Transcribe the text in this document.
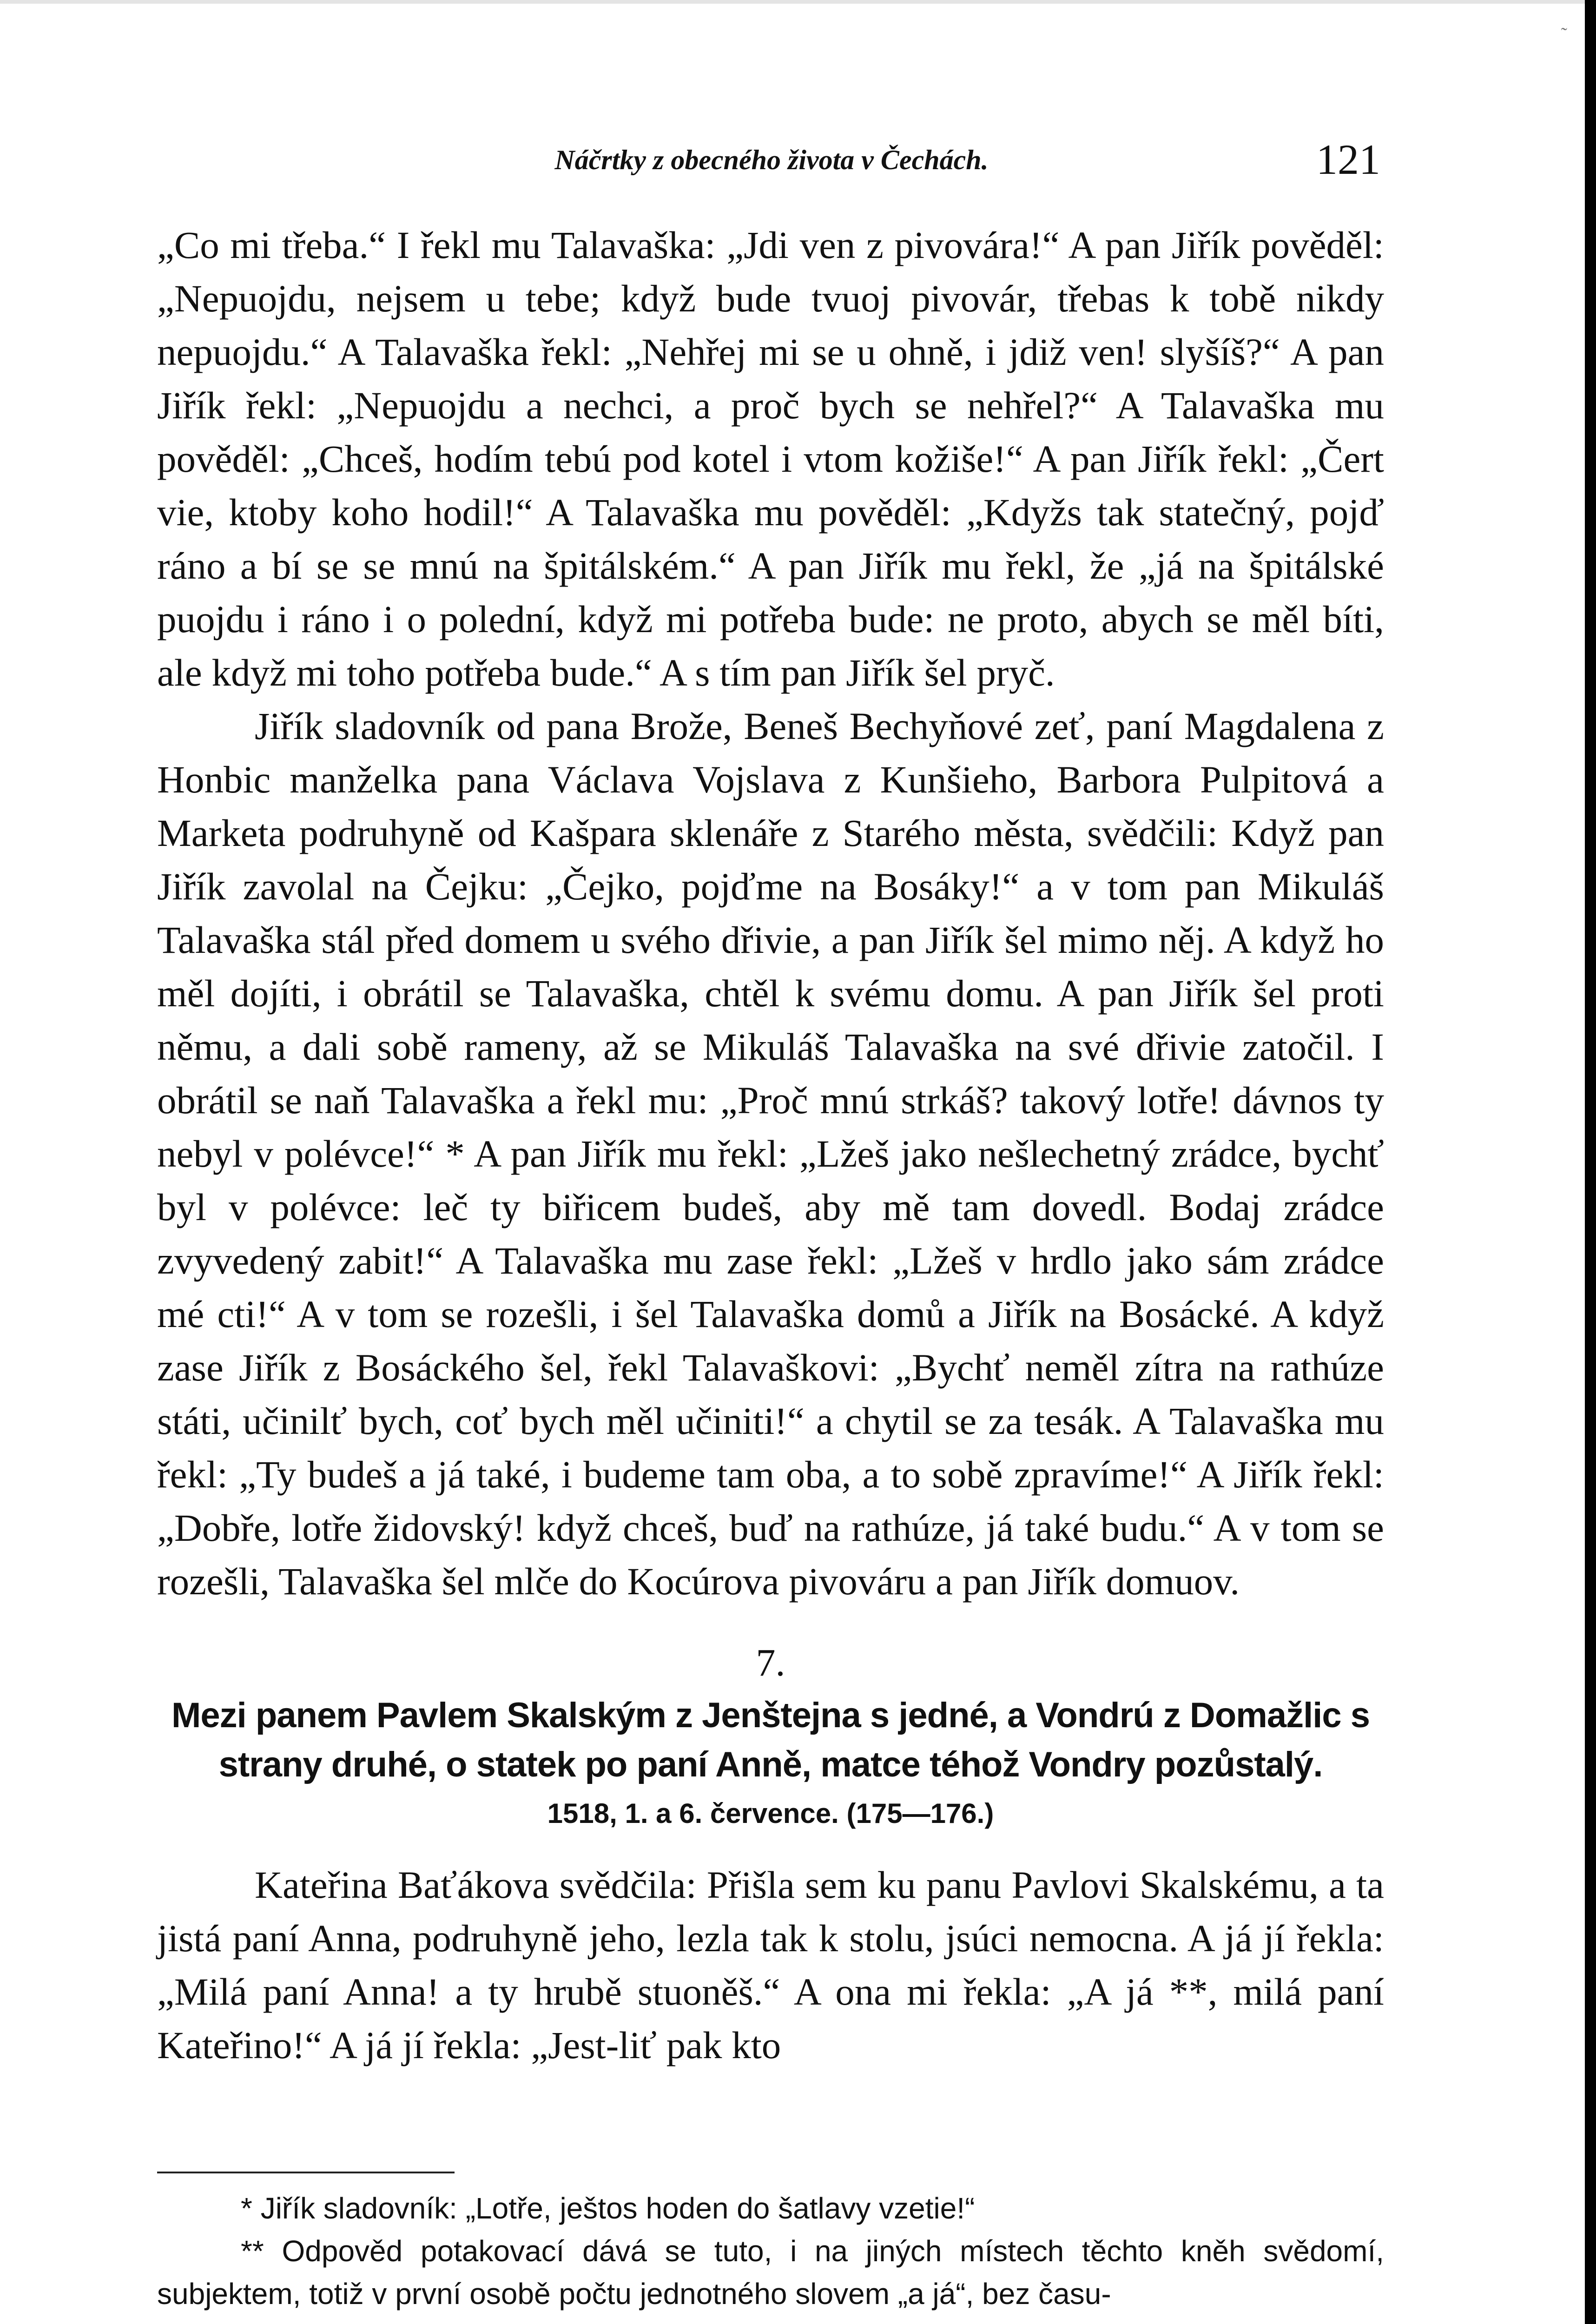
˜
Náčrtky z obecného života v Čechách.	121

„Co mi třeba.“ I řekl mu Talavaška: „Jdi ven z pivovára!“ A pan Jiřík pověděl: „Nepuojdu, nejsem u tebe; když bude tvuoj pivovár, třebas k tobě nikdy nepuojdu.“ A Talavaška řekl: „Nehřej mi se u ohně, i jdiž ven! slyšíš?“ A pan Jiřík řekl: „Nepuojdu a nechci, a proč bych se nehřel?“ A Talavaška mu pověděl: „Chceš, hodím tebú pod kotel i vtom kožiše!“ A pan Jiřík řekl: „Čert vie, ktoby koho hodil!“ A Talavaška mu pověděl: „Kdyžs tak statečný, pojď ráno a bí se se mnú na špitálském.“ A pan Jiřík mu řekl, že „já na špitálské puojdu i ráno i o polední, když mi potřeba bude: ne proto, abych se měl bíti, ale když mi toho potřeba bude.“ A s tím pan Jiřík šel pryč.

Jiřík sladovník od pana Brože, Beneš Bechyňové zeť, paní Magdalena z Honbic manželka pana Václava Vojslava z Kunšieho, Barbora Pulpitová a Marketa podruhyně od Kašpara sklenáře z Starého města, svědčili: Když pan Jiřík zavolal na Čejku: „Čejko, pojďme na Bosáky!“ a v tom pan Mikuláš Talavaška stál před domem u svého dřivie, a pan Jiřík šel mimo něj. A když ho měl dojíti, i obrátil se Talavaška, chtěl k svému domu. A pan Jiřík šel proti němu, a dali sobě rameny, až se Mikuláš Talavaška na své dřivie zatočil. I obrátil se naň Talavaška a řekl mu: „Proč mnú strkáš? takový lotře! dávnos ty nebyl v polévce!“ * A pan Jiřík mu řekl: „Lžeš jako nešlechetný zrádce, bychť byl v polévce: leč ty biřicem budeš, aby mě tam dovedl. Bodaj zrádce zvyvedený zabit!“ A Talavaška mu zase řekl: „Lžeš v hrdlo jako sám zrádce mé cti!“ A v tom se rozešli, i šel Talavaška domů a Jiřík na Bosácké. A když zase Jiřík z Bosáckého šel, řekl Talavaškovi: „Bychť neměl zítra na rathúze státi, učinilť bych, coť bych měl učiniti!“ a chytil se za tesák. A Talavaška mu řekl: „Ty budeš a já také, i budeme tam oba, a to sobě zpravíme!“ A Jiřík řekl: „Dobře, lotře židovský! když chceš, buď na rathúze, já také budu.“ A v tom se rozešli, Talavaška šel mlče do Kocúrova pivováru a pan Jiřík domuov.

7.

Mezi panem Pavlem Skalským z Jenštejna s jedné, a Vondrú z Domažlic s strany druhé, o statek po paní Anně, matce téhož Vondry pozůstalý.

1518, 1. a 6. července. (175—176.)

Kateřina Baťákova svědčila: Přišla sem ku panu Pavlovi Skalskému, a ta jistá paní Anna, podruhyně jeho, lezla tak k stolu, jsúci nemocna. A já jí řekla: „Milá paní Anna! a ty hrubě stuoněš.“ A ona mi řekla: „A já **, milá paní Kateřino!“ A já jí řekla: „Jest-liť pak kto

* Jiřík sladovník: „Lotře, ještos hoden do šatlavy vzetie!“

** Odpověd potakovací dává se tuto, i na jiných místech těchto kněh svědomí, subjektem, totiž v první osobě počtu jednotného slovem „a já“, bez času-
